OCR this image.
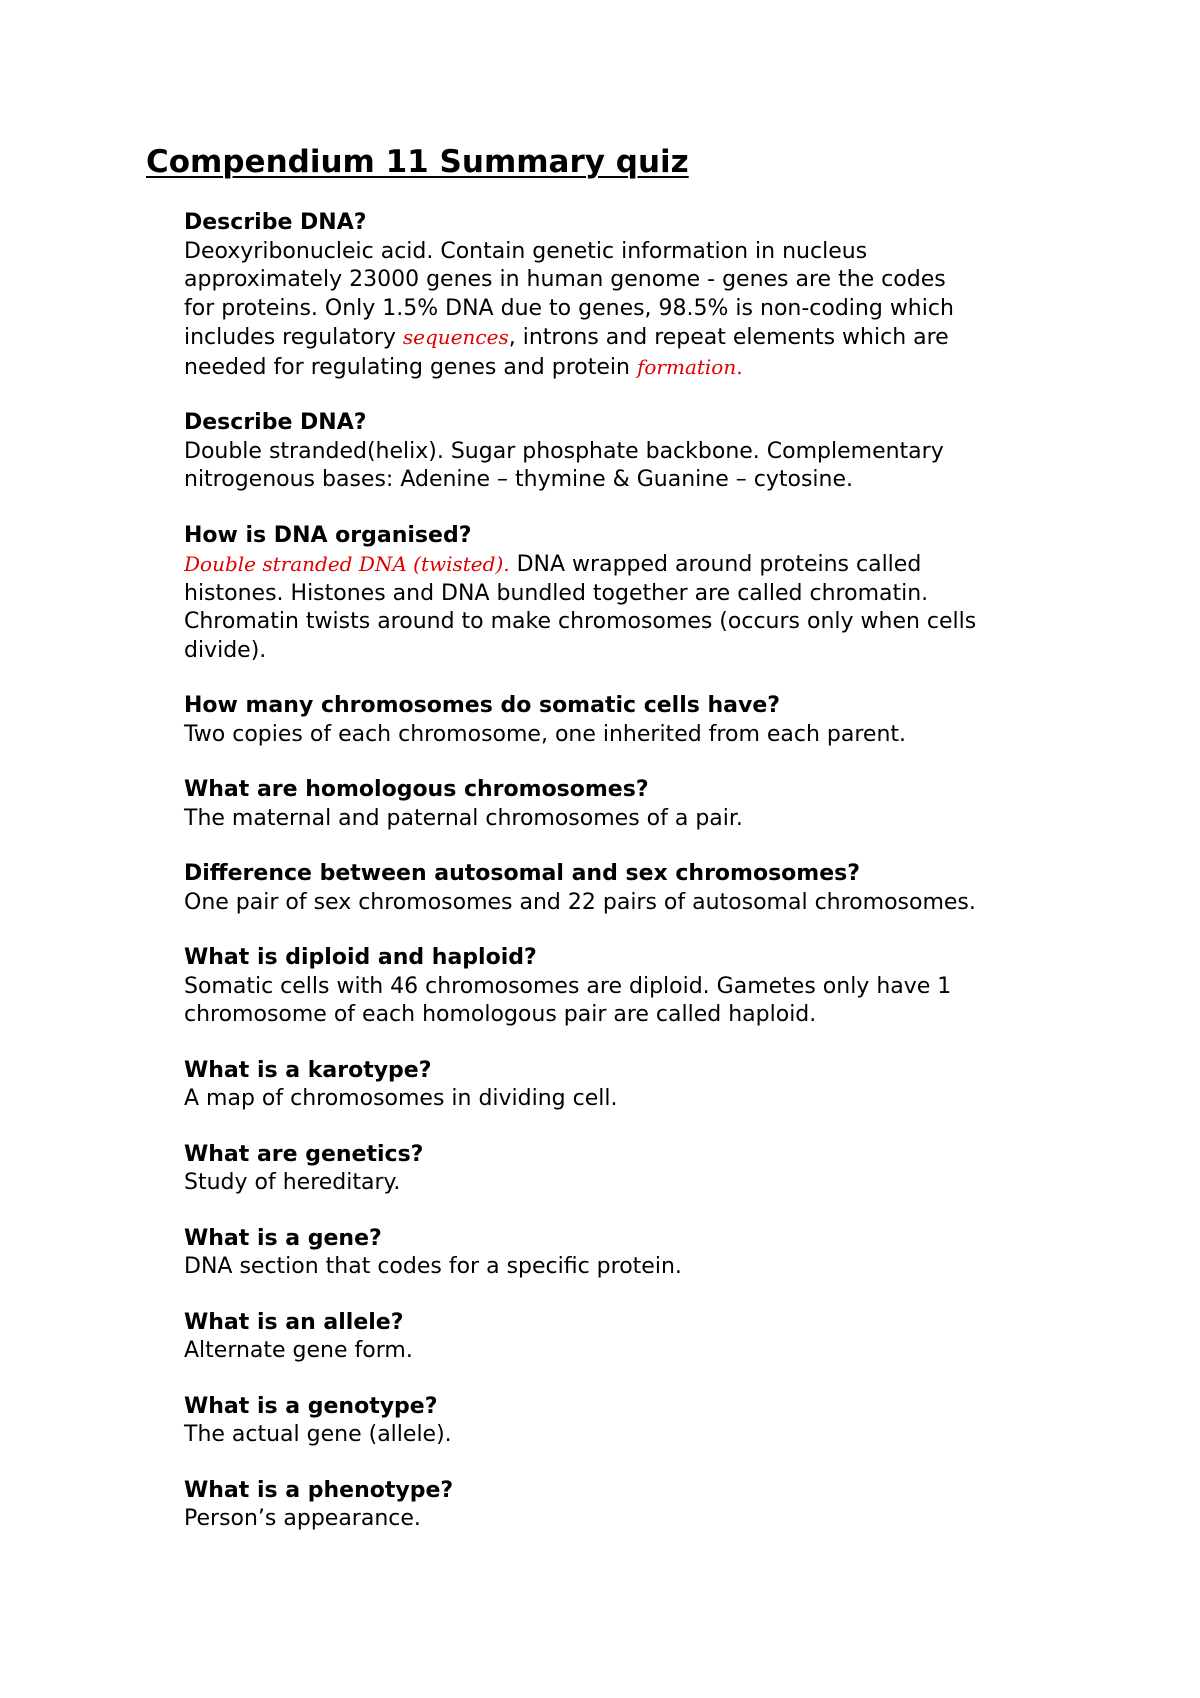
Compendium 11 Summary quiz

Describe DNA?

Deoxyribonucleic acid. Contain genetic information in nucleus
approximately 23000 genes in human genome - genes are the codes
for proteins. Only 1.5% DNA due to genes, 98.5% is non-coding which
includes regulatory sequences, introns and repeat elements which are
needed for regulating genes and protein formation.

Describe DNA?

Double stranded(helix). Sugar phosphate backbone. Complementary
nitrogenous bases: Adenine – thymine & Guanine – cytosine.

How is DNA organised?

Double stranded DNA (twisted). DNA wrapped around proteins called
histones. Histones and DNA bundled together are called chromatin.
Chromatin twists around to make chromosomes (occurs only when cells
divide).

How many chromosomes do somatic cells have?

Two copies of each chromosome, one inherited from each parent.

What are homologous chromosomes?

The maternal and paternal chromosomes of a pair.

Difference between autosomal and sex chromosomes?

One pair of sex chromosomes and 22 pairs of autosomal chromosomes.

What is diploid and haploid?

Somatic cells with 46 chromosomes are diploid. Gametes only have 1
chromosome of each homologous pair are called haploid.

What is a karotype?

A map of chromosomes in dividing cell.

What are genetics?

Study of hereditary.

What is a gene?

DNA section that codes for a specific protein.

What is an allele?

Alternate gene form.

What is a genotype?

The actual gene (allele).

What is a phenotype?

Person’s appearance.
